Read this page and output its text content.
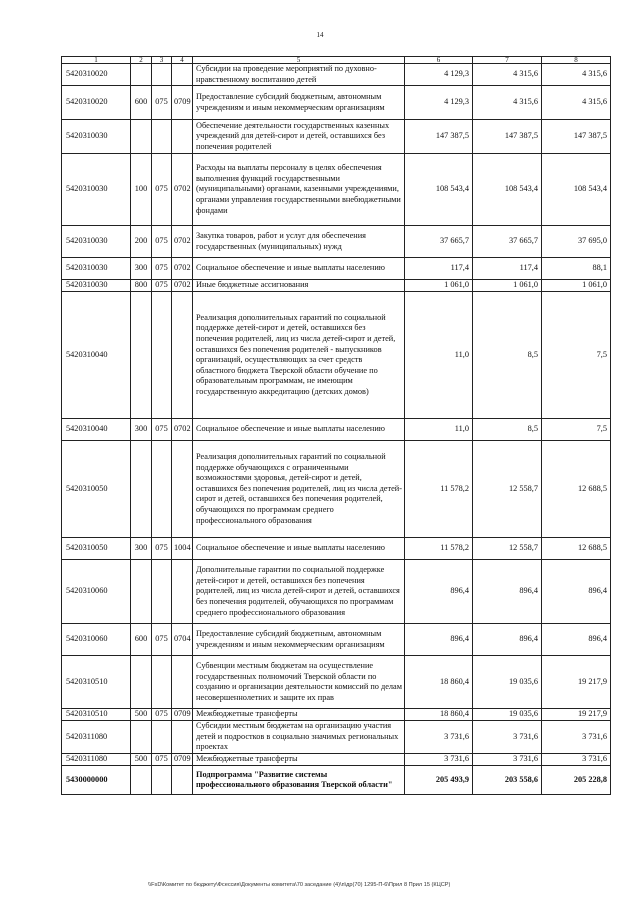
14
1	2	3	4	5	6	7	8
5420310020				Субсидии на проведение мероприятий по духовно-нравственному воспитанию детей	4 129,3	4 315,6	4 315,6
5420310020	600	075	0709	Предоставление субсидий бюджетным, автономным учреждениям и иным некоммерческим организациям	4 129,3	4 315,6	4 315,6
5420310030				Обеспечение деятельности государственных казенных учреждений для детей-сирот и детей, оставшихся без попечения родителей	147 387,5	147 387,5	147 387,5
5420310030	100	075	0702	Расходы на выплаты персоналу в целях обеспечения выполнения функций государственными (муниципальными) органами, казенными учреждениями, органами управления государственными внебюджетными фондами	108 543,4	108 543,4	108 543,4
5420310030	200	075	0702	Закупка товаров, работ и услуг для обеспечения государственных (муниципальных) нужд	37 665,7	37 665,7	37 695,0
5420310030	300	075	0702	Социальное обеспечение и иные выплаты населению	117,4	117,4	88,1
5420310030	800	075	0702	Иные бюджетные ассигнования	1 061,0	1 061,0	1 061,0
5420310040				Реализация дополнительных гарантий по социальной поддержке детей-сирот и детей, оставшихся без попечения родителей, лиц из числа детей-сирот и детей, оставшихся без попечения родителей - выпускников организаций, осуществляющих за счет средств областного бюджета Тверской области обучение по образовательным программам, не имеющим государственную аккредитацию (детских домов)	11,0	8,5	7,5
5420310040	300	075	0702	Социальное обеспечение и иные выплаты населению	11,0	8,5	7,5
5420310050				Реализация дополнительных гарантий по социальной поддержке обучающихся с ограниченными возможностями здоровья, детей-сирот и детей, оставшихся без попечения родителей, лиц из числа детей-сирот и детей, оставшихся без попечения родителей, обучающихся по программам среднего профессионального образования	11 578,2	12 558,7	12 688,5
5420310050	300	075	1004	Социальное обеспечение и иные выплаты населению	11 578,2	12 558,7	12 688,5
5420310060				Дополнительные гарантии по социальной поддержке детей-сирот и детей, оставшихся без попечения родителей, лиц из числа детей-сирот и детей, оставшихся без попечения родителей, обучающихся по программам среднего профессионального образования	896,4	896,4	896,4
5420310060	600	075	0704	Предоставление субсидий бюджетным, автономным учреждениям и иным некоммерческим организациям	896,4	896,4	896,4
5420310510				Субвенции местным бюджетам на осуществление государственных полномочий Тверской области по созданию и организации деятельности комиссий по делам несовершеннолетних и защите их прав	18 860,4	19 035,6	19 217,9
5420310510	500	075	0709	Межбюджетные трансферты	18 860,4	19 035,6	19 217,9
5420311080				Субсидии местным бюджетам на организацию участия детей и подростков в социально значимых региональных проектах	3 731,6	3 731,6	3 731,6
5420311080	500	075	0709	Межбюджетные трансферты	3 731,6	3 731,6	3 731,6
5430000000				Подпрограмма "Развитие системы профессионального образования Тверской области"	205 493,9	203 558,6	205 228,8
\\FsD\Комитет по бюджету\Фсессия\Документы комитета\70 заседание (4)\п\др(70) 1295-П-6\Прил 8 Прил 15 (КЦСР)
